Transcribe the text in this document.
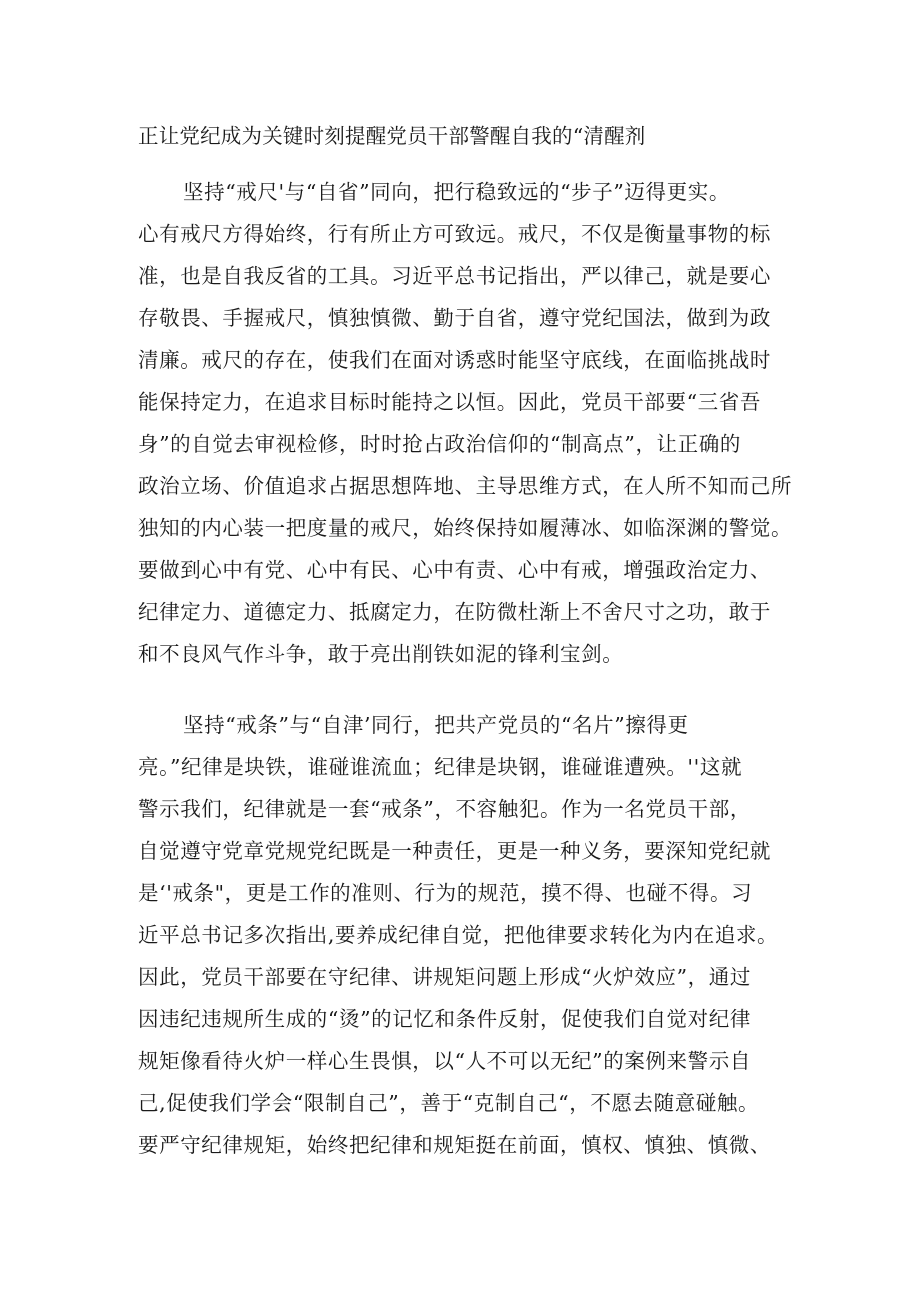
正让党纪成为关键时刻提醒党员干部警醒自我的“清醒剂
坚持“戒尺'与“自省”同向，把行稳致远的“步子”迈得更实。
心有戒尺方得始终，行有所止方可致远。戒尺，不仅是衡量事物的标
准，也是自我反省的工具。习近平总书记指出，严以律己，就是要心
存敬畏、手握戒尺，慎独慎微、勤于自省，遵守党纪国法，做到为政
清廉。戒尺的存在，使我们在面对诱惑时能坚守底线，在面临挑战时
能保持定力，在追求目标时能持之以恒。因此，党员干部要“三省吾
身”的自觉去审视检修，时时抢占政治信仰的“制高点”，让正确的
政治立场、价值追求占据思想阵地、主导思维方式，在人所不知而己所
独知的内心装一把度量的戒尺，始终保持如履薄冰、如临深渊的警觉。
要做到心中有党、心中有民、心中有责、心中有戒，增强政治定力、
纪律定力、道德定力、抵腐定力，在防微杜渐上不舍尺寸之功，敢于
和不良风气作斗争，敢于亮出削铁如泥的锋利宝剑。
坚持“戒条”与“自津’同行，把共产党员的“名片”擦得更
亮。”纪律是块铁，谁碰谁流血；纪律是块钢，谁碰谁遭殃。''这就
警示我们，纪律就是一套“戒条”，不容触犯。作为一名党员干部，
自觉遵守党章党规党纪既是一种责任，更是一种义务，要深知党纪就
是‘'戒条"，更是工作的准则、行为的规范，摸不得、也碰不得。习
近平总书记多次指出,要养成纪律自觉，把他律要求转化为内在追求。
因此，党员干部要在守纪律、讲规矩问题上形成“火炉效应”，通过
因违纪违规所生成的“烫”的记忆和条件反射，促使我们自觉对纪律
规矩像看待火炉一样心生畏惧，以“人不可以无纪”的案例来警示自
己,促使我们学会“限制自己”，善于“克制自己“，不愿去随意碰触。
要严守纪律规矩，始终把纪律和规矩挺在前面，慎权、慎独、慎微、
